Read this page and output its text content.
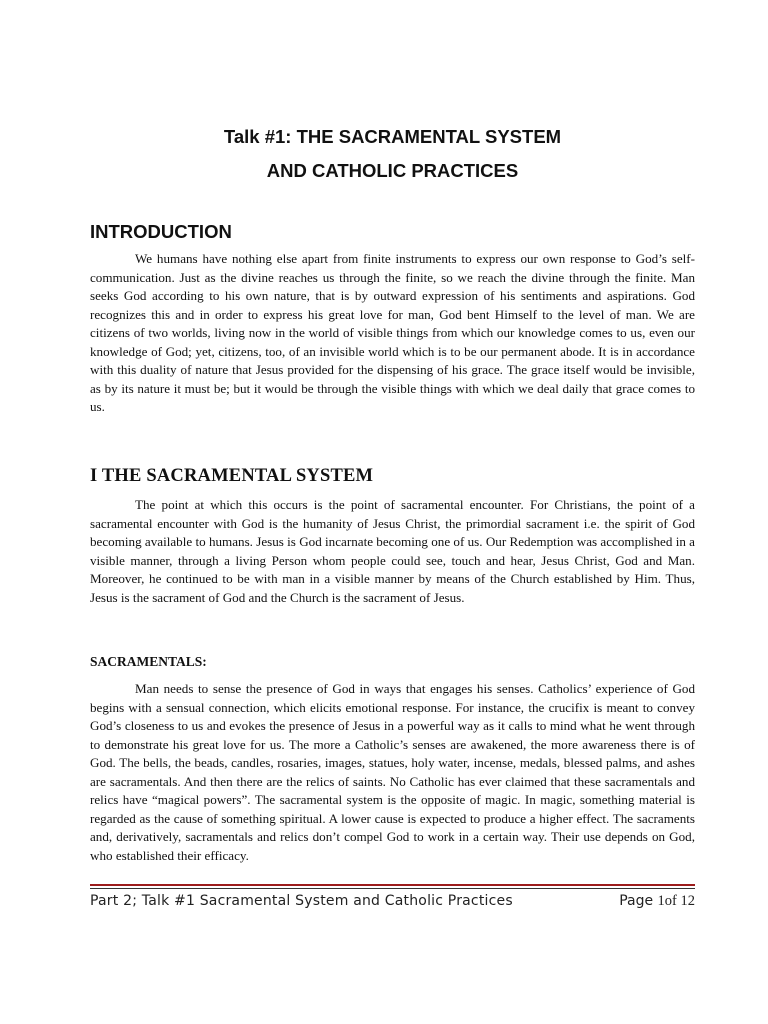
Talk #1: THE SACRAMENTAL SYSTEM
AND CATHOLIC PRACTICES
INTRODUCTION
We humans have nothing else apart from finite instruments to express our own response to God’s self-communication. Just as the divine reaches us through the finite, so we reach the divine through the finite. Man seeks God according to his own nature, that is by outward expression of his sentiments and aspirations. God recognizes this and in order to express his great love for man, God bent Himself to the level of man. We are citizens of two worlds, living now in the world of visible things from which our knowledge comes to us, even our knowledge of God; yet, citizens, too, of an invisible world which is to be our permanent abode. It is in accordance with this duality of nature that Jesus provided for the dispensing of his grace. The grace itself would be invisible, as by its nature it must be; but it would be through the visible things with which we deal daily that grace comes to us.
I THE SACRAMENTAL SYSTEM
The point at which this occurs is the point of sacramental encounter. For Christians, the point of a sacramental encounter with God is the humanity of Jesus Christ, the primordial sacrament i.e. the spirit of God becoming available to humans. Jesus is God incarnate becoming one of us. Our Redemption was accomplished in a visible manner, through a living Person whom people could see, touch and hear, Jesus Christ, God and Man. Moreover, he continued to be with man in a visible manner by means of the Church established by Him. Thus, Jesus is the sacrament of God and the Church is the sacrament of Jesus.
SACRAMENTALS:
Man needs to sense the presence of God in ways that engages his senses. Catholics’ experience of God begins with a sensual connection, which elicits emotional response. For instance, the crucifix is meant to convey God’s closeness to us and evokes the presence of Jesus in a powerful way as it calls to mind what he went through to demonstrate his great love for us. The more a Catholic’s senses are awakened, the more awareness there is of God. The bells, the beads, candles, rosaries, images, statues, holy water, incense, medals, blessed palms, and ashes are sacramentals. And then there are the relics of saints. No Catholic has ever claimed that these sacramentals and relics have “magical powers”. The sacramental system is the opposite of magic. In magic, something material is regarded as the cause of something spiritual. A lower cause is expected to produce a higher effect. The sacraments and, derivatively, sacramentals and relics don’t compel God to work in a certain way. Their use depends on God, who established their efficacy.
Part 2; Talk #1 Sacramental System and Catholic Practices	Page 1of 12
